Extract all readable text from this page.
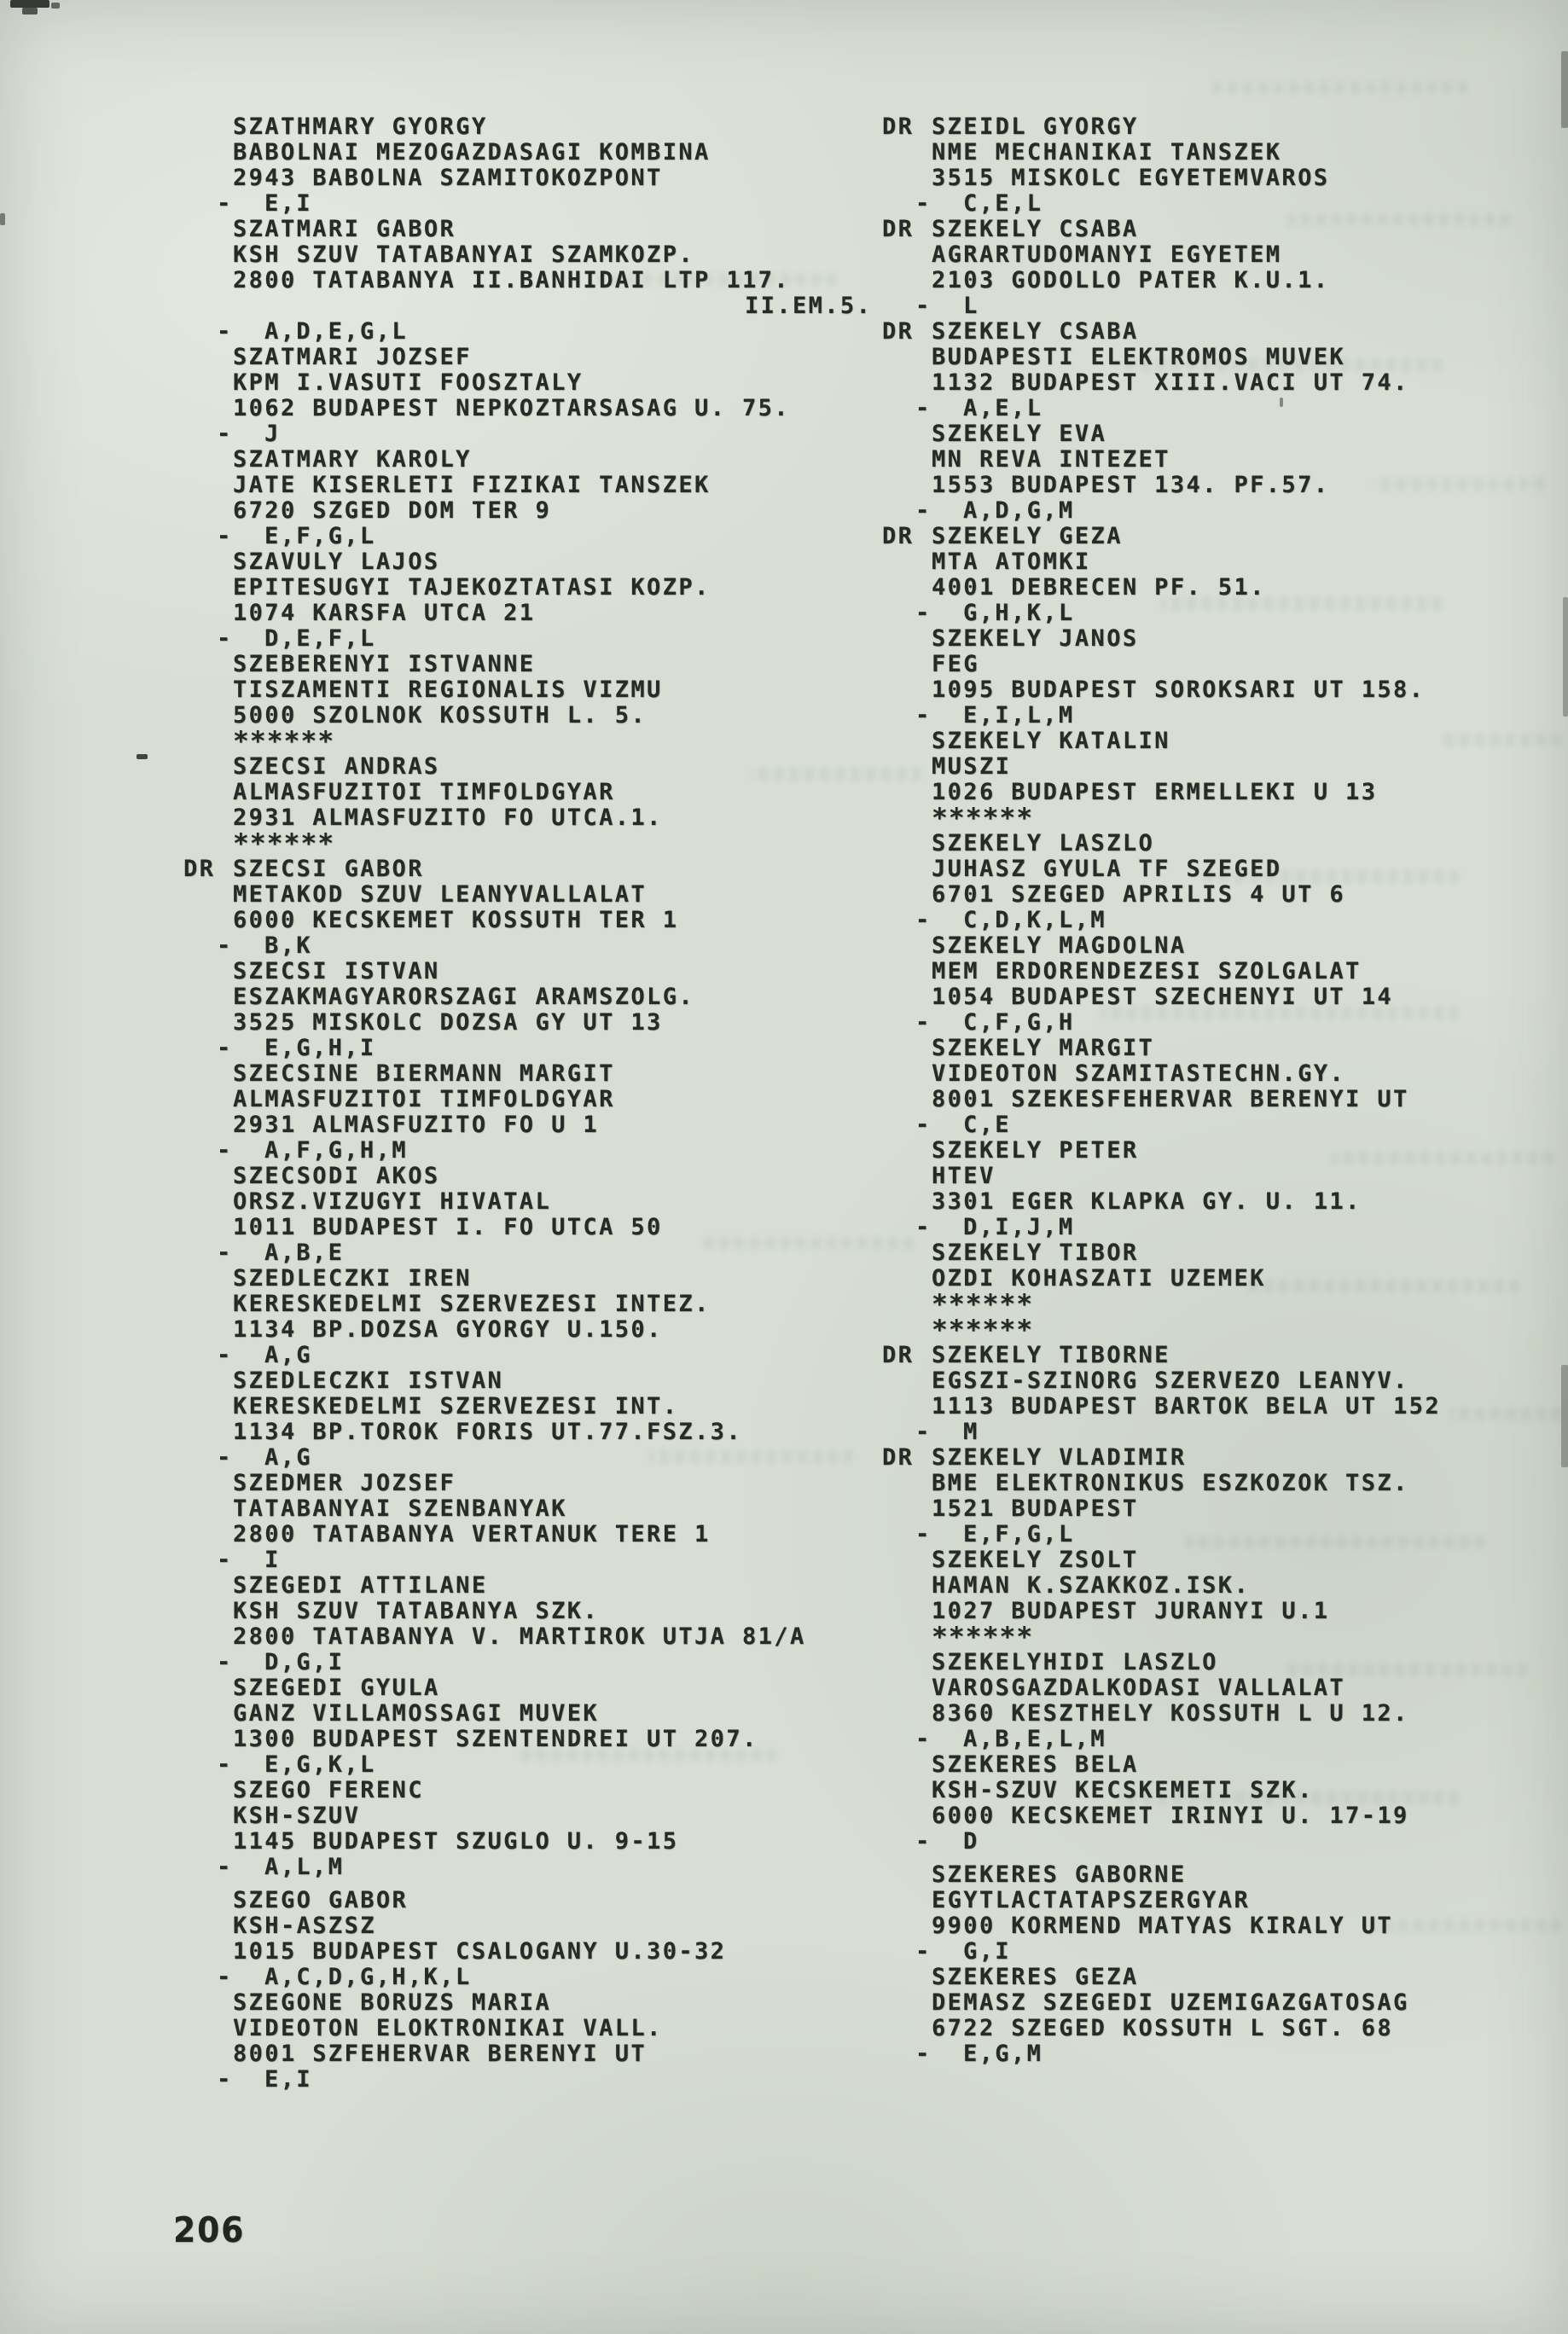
SZATHMARY GYORGY
BABOLNAI MEZOGAZDASAGI KOMBINA
2943 BABOLNA SZAMITOKOZPONT
-  E,I
SZATMARI GABOR
KSH SZUV TATABANYAI SZAMKOZP.
2800 TATABANYA II.BANHIDAI LTP 117.
II.EM.5.
-  A,D,E,G,L
SZATMARI JOZSEF
KPM I.VASUTI FOOSZTALY
1062 BUDAPEST NEPKOZTARSASAG U. 75.
-  J
SZATMARY KAROLY
JATE KISERLETI FIZIKAI TANSZEK
6720 SZGED DOM TER 9
-  E,F,G,L
SZAVULY LAJOS
EPITESUGYI TAJEKOZTATASI KOZP.
1074 KARSFA UTCA 21
-  D,E,F,L
SZEBERENYI ISTVANNE
TISZAMENTI REGIONALIS VIZMU
5000 SZOLNOK KOSSUTH L. 5.
******
SZECSI ANDRAS
ALMASFUZITOI TIMFOLDGYAR
2931 ALMASFUZITO FO UTCA.1.
******
SZECSI GABOR
DR
METAKOD SZUV LEANYVALLALAT
6000 KECSKEMET KOSSUTH TER 1
-  B,K
SZECSI ISTVAN
ESZAKMAGYARORSZAGI ARAMSZOLG.
3525 MISKOLC DOZSA GY UT 13
-  E,G,H,I
SZECSINE BIERMANN MARGIT
ALMASFUZITOI TIMFOLDGYAR
2931 ALMASFUZITO FO U 1
-  A,F,G,H,M
SZECSODI AKOS
ORSZ.VIZUGYI HIVATAL
1011 BUDAPEST I. FO UTCA 50
-  A,B,E
SZEDLECZKI IREN
KERESKEDELMI SZERVEZESI INTEZ.
1134 BP.DOZSA GYORGY U.150.
-  A,G
SZEDLECZKI ISTVAN
KERESKEDELMI SZERVEZESI INT.
1134 BP.TOROK FORIS UT.77.FSZ.3.
-  A,G
SZEDMER JOZSEF
TATABANYAI SZENBANYAK
2800 TATABANYA VERTANUK TERE 1
-  I
SZEGEDI ATTILANE
KSH SZUV TATABANYA SZK.
2800 TATABANYA V. MARTIROK UTJA 81/A
-  D,G,I
SZEGEDI GYULA
GANZ VILLAMOSSAGI MUVEK
1300 BUDAPEST SZENTENDREI UT 207.
-  E,G,K,L
SZEGO FERENC
KSH-SZUV
1145 BUDAPEST SZUGLO U. 9-15
-  A,L,M
SZEGO GABOR
KSH-ASZSZ
1015 BUDAPEST CSALOGANY U.30-32
-  A,C,D,G,H,K,L
SZEGONE BORUZS MARIA
VIDEOTON ELOKTRONIKAI VALL.
8001 SZFEHERVAR BERENYI UT
-  E,I
SZEIDL GYORGY
DR
NME MECHANIKAI TANSZEK
3515 MISKOLC EGYETEMVAROS
-  C,E,L
SZEKELY CSABA
DR
AGRARTUDOMANYI EGYETEM
2103 GODOLLO PATER K.U.1.
-  L
SZEKELY CSABA
DR
BUDAPESTI ELEKTROMOS MUVEK
1132 BUDAPEST XIII.VACI UT 74.
-  A,E,L
SZEKELY EVA
MN REVA INTEZET
1553 BUDAPEST 134. PF.57.
-  A,D,G,M
SZEKELY GEZA
DR
MTA ATOMKI
4001 DEBRECEN PF. 51.
-  G,H,K,L
SZEKELY JANOS
FEG
1095 BUDAPEST SOROKSARI UT 158.
-  E,I,L,M
SZEKELY KATALIN
MUSZI
1026 BUDAPEST ERMELLEKI U 13
******
SZEKELY LASZLO
JUHASZ GYULA TF SZEGED
6701 SZEGED APRILIS 4 UT 6
-  C,D,K,L,M
SZEKELY MAGDOLNA
MEM ERDORENDEZESI SZOLGALAT
1054 BUDAPEST SZECHENYI UT 14
-  C,F,G,H
SZEKELY MARGIT
VIDEOTON SZAMITASTECHN.GY.
8001 SZEKESFEHERVAR BERENYI UT
-  C,E
SZEKELY PETER
HTEV
3301 EGER KLAPKA GY. U. 11.
-  D,I,J,M
SZEKELY TIBOR
OZDI KOHASZATI UZEMEK
******
******
SZEKELY TIBORNE
DR
EGSZI-SZINORG SZERVEZO LEANYV.
1113 BUDAPEST BARTOK BELA UT 152
-  M
SZEKELY VLADIMIR
DR
BME ELEKTRONIKUS ESZKOZOK TSZ.
1521 BUDAPEST
-  E,F,G,L
SZEKELY ZSOLT
HAMAN K.SZAKKOZ.ISK.
1027 BUDAPEST JURANYI U.1
******
SZEKELYHIDI LASZLO
VAROSGAZDALKODASI VALLALAT
8360 KESZTHELY KOSSUTH L U 12.
-  A,B,E,L,M
SZEKERES BELA
KSH-SZUV KECSKEMETI SZK.
6000 KECSKEMET IRINYI U. 17-19
-  D
SZEKERES GABORNE
EGYTLACTATAPSZERGYAR
9900 KORMEND MATYAS KIRALY UT
-  G,I
SZEKERES GEZA
DEMASZ SZEGEDI UZEMIGAZGATOSAG
6722 SZEGED KOSSUTH L SGT. 68
-  E,G,M
206
